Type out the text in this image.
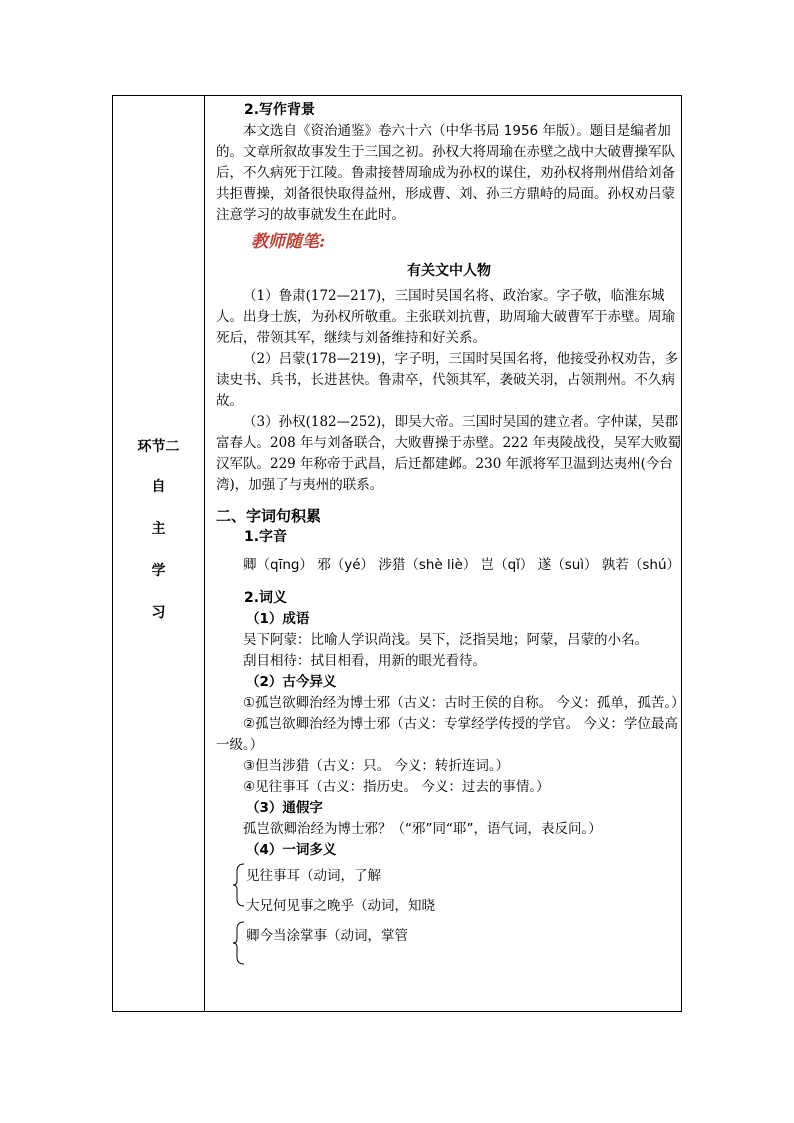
环节二
自
主
学
习

2.写作背景

本文选自《资治通鉴》卷六十六（中华书局 1956 年版）。题目是编者加的。文章所叙故事发生于三国之初。孙权大将周瑜在赤壁之战中大破曹操军队后，不久病死于江陵。鲁肃接替周瑜成为孙权的谋住，劝孙权将荆州借给刘备共拒曹操，刘备很快取得益州，形成曹、刘、孙三方鼎峙的局面。孙权劝吕蒙注意学习的故事就发生在此时。

教师随笔:

有关文中人物

（1）鲁肃(172—217)，三国时吴国名将、政治家。字子敬，临淮东城人。出身士族，为孙权所敬重。主张联刘抗曹，助周瑜大破曹军于赤壁。周瑜死后，带领其军，继续与刘备维持和好关系。

（2）吕蒙(178—219)，字子明，三国时吴国名将，他接受孙权劝告，多读史书、兵书，长进甚快。鲁肃卒，代领其军，袭破关羽，占领荆州。不久病故。

（3）孙权(182—252)，即吴大帝。三国时吴国的建立者。字仲谋，吴郡富春人。208 年与刘备联合，大败曹操于赤壁。222 年夷陵战役，吴军大败蜀汉军队。229 年称帝于武昌，后迁都建邺。230 年派将军卫温到达夷州(今台湾)，加强了与夷州的联系。

二、字词句积累

1.字音

卿（qīng） 邪（yé） 涉猎（shè liè） 岂（qǐ） 遂（suì） 孰若（shú）

2.词义

（1）成语

吴下阿蒙：比喻人学识尚浅。吴下，泛指吴地；阿蒙，吕蒙的小名。

刮目相待：拭目相看，用新的眼光看待。

（2）古今异义

①孤岂欲卿治经为博士邪（古义：古时王侯的自称。 今义：孤单，孤苦。）

②孤岂欲卿治经为博士邪（古义：专掌经学传授的学官。 今义：学位最高一级。）

③但当涉猎（古义：只。 今义：转折连词。）

④见往事耳（古义：指历史。 今义：过去的事情。）

（3）通假字

孤岂欲卿治经为博士邪？（“邪”同“耶”，语气词，表反问。）

（4）一词多义

见往事耳（动词，了解

大兄何见事之晚乎（动词，知晓

卿今当涂掌事（动词，掌管
